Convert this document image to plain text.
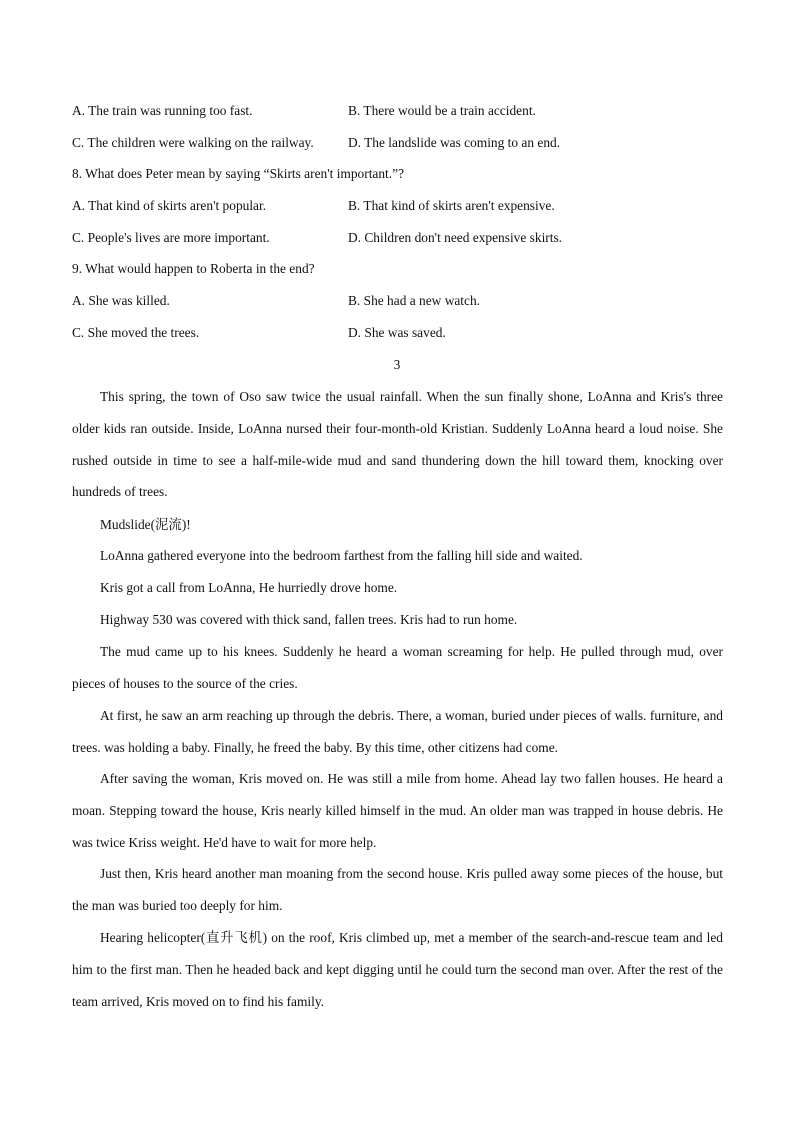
A. The train was running too fast.	B. There would be a train accident.
C. The children were walking on the railway.	D. The landslide was coming to an end.
8. What does Peter mean by saying “Skirts aren't important.”?
A. That kind of skirts aren't popular.	B. That kind of skirts aren't expensive.
C. People's lives are more important.	D. Children don't need expensive skirts.
9. What would happen to Roberta in the end?
A. She was killed.	B. She had a new watch.
C. She moved the trees.	D. She was saved.
3
This spring, the town of Oso saw twice the usual rainfall. When the sun finally shone, LoAnna and Kris's three older kids ran outside. Inside, LoAnna nursed their four-month-old Kristian. Suddenly LoAnna heard a loud noise. She rushed outside in time to see a half-mile-wide mud and sand thundering down the hill toward them, knocking over hundreds of trees.
Mudslide(泥流)!
LoAnna gathered everyone into the bedroom farthest from the falling hill side and waited.
Kris got a call from LoAnna, He hurriedly drove home.
Highway 530 was covered with thick sand, fallen trees. Kris had to run home.
The mud came up to his knees. Suddenly he heard a woman screaming for help. He pulled through mud, over pieces of houses to the source of the cries.
At first, he saw an arm reaching up through the debris. There, a woman, buried under pieces of walls. furniture, and trees. was holding a baby. Finally, he freed the baby. By this time, other citizens had come.
After saving the woman, Kris moved on. He was still a mile from home. Ahead lay two fallen houses. He heard a moan. Stepping toward the house, Kris nearly killed himself in the mud. An older man was trapped in house debris. He was twice Kriss weight. He'd have to wait for more help.
Just then, Kris heard another man moaning from the second house. Kris pulled away some pieces of the house, but the man was buried too deeply for him.
Hearing helicopter(直升飞机) on the roof, Kris climbed up, met a member of the search-and-rescue team and led him to the first man. Then he headed back and kept digging until he could turn the second man over. After the rest of the team arrived, Kris moved on to find his family.
